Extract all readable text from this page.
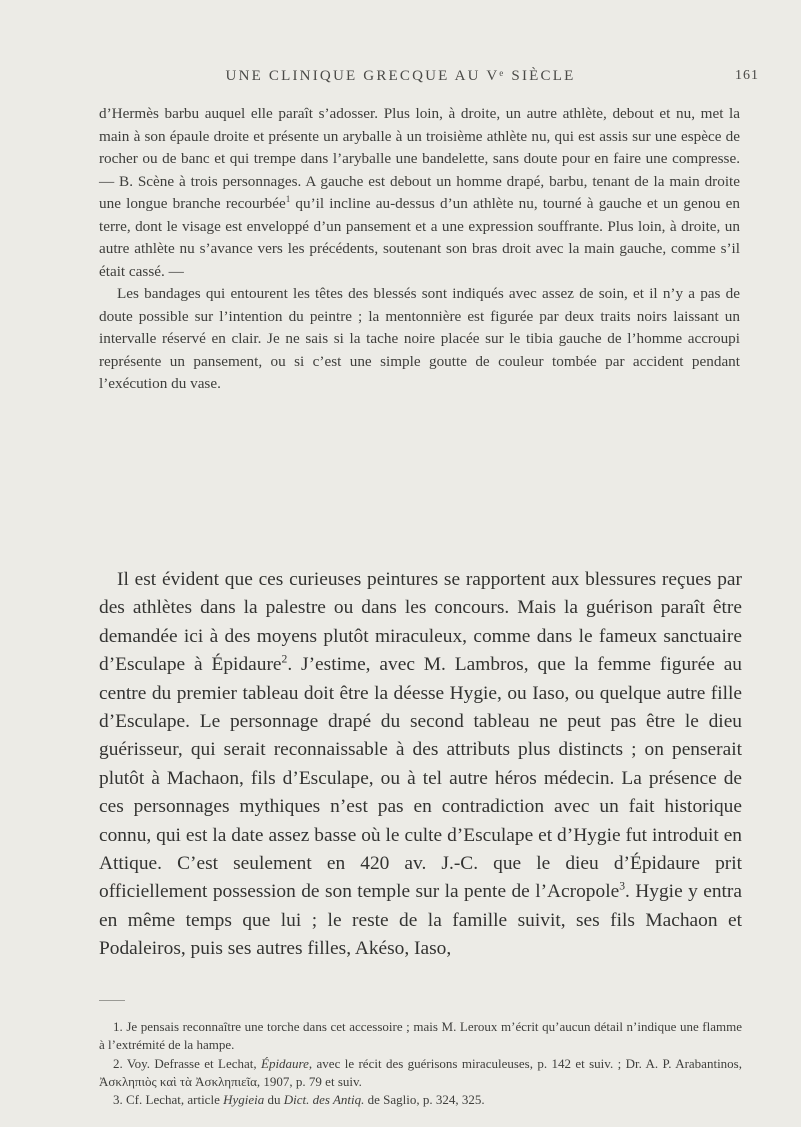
UNE CLINIQUE GRECQUE AU Vᵉ SIÈCLE	161

d’Hermès barbu auquel elle paraît s’adosser. Plus loin, à droite, un autre athlète, debout et nu, met la main à son épaule droite et présente un aryballe à un troisième athlète nu, qui est assis sur une espèce de rocher ou de banc et qui trempe dans l’aryballe une bandelette, sans doute pour en faire une compresse. — B. Scène à trois personnages. A gauche est debout un homme drapé, barbu, tenant de la main droite une longue branche recourbée$^1$ qu’il incline au-dessus d’un athlète nu, tourné à gauche et un genou en terre, dont le visage est enveloppé d’un pansement et a une expression souffrante. Plus loin, à droite, un autre athlète nu s’avance vers les précédents, soutenant son bras droit avec la main gauche, comme s’il était cassé. —

Les bandages qui entourent les têtes des blessés sont indiqués avec assez de soin, et il n’y a pas de doute possible sur l’intention du peintre ; la mentonnière est figurée par deux traits noirs laissant un intervalle réservé en clair. Je ne sais si la tache noire placée sur le tibia gauche de l’homme accroupi représente un pansement, ou si c’est une simple goutte de couleur tombée par accident pendant l’exécution du vase.

Il est évident que ces curieuses peintures se rapportent aux blessures reçues par des athlètes dans la palestre ou dans les concours. Mais la guérison paraît être demandée ici à des moyens plutôt miraculeux, comme dans le fameux sanctuaire d’Esculape à Épidaure$^2$. J’estime, avec M. Lambros, que la femme figurée au centre du premier tableau doit être la déesse Hygie, ou Iaso, ou quelque autre fille d’Esculape. Le personnage drapé du second tableau ne peut pas être le dieu guérisseur, qui serait reconnaissable à des attributs plus distincts ; on penserait plutôt à Machaon, fils d’Esculape, ou à tel autre héros médecin. La présence de ces personnages mythiques n’est pas en contradiction avec un fait historique connu, qui est la date assez basse où le culte d’Esculape et d’Hygie fut introduit en Attique. C’est seulement en 420 av. J.-C. que le dieu d’Épidaure prit officiellement possession de son temple sur la pente de l’Acropole$^3$. Hygie y entra en même temps que lui ; le reste de la famille suivit, ses fils Machaon et Podaleiros, puis ses autres filles, Akéso, Iaso,

1. Je pensais reconnaître une torche dans cet accessoire ; mais M. Leroux m’écrit qu’aucun détail n’indique une flamme à l’extrémité de la hampe.

2. Voy. Defrasse et Lechat, Épidaure, avec le récit des guérisons miraculeuses, p. 142 et suiv. ; Dr. A. P. Arabantinos, Ἀσκληπιὸς καὶ τὰ Ἀσκληπιεῖα, 1907, p. 79 et suiv.

3. Cf. Lechat, article Hygieia du Dict. des Antiq. de Saglio, p. 324, 325.
